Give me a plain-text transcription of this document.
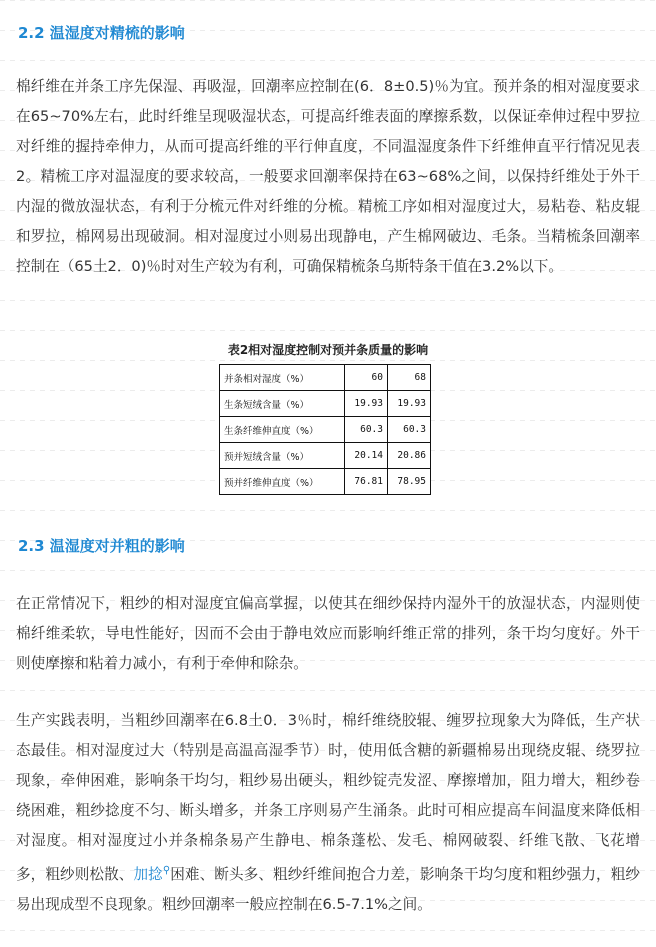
2.2 温湿度对精梳的影响
棉纤维在并条工序先保湿、再吸湿，回潮率应控制在(6．8±0.5)％为宜。预并条的相对湿度要求在65~70%左右，此时纤维呈现吸湿状态，可提高纤维表面的摩擦系数，以保证牵伸过程中罗拉对纤维的握持牵伸力，从而可提高纤维的平行伸直度，不同温湿度条件下纤维伸直平行情况见表2。精梳工序对温湿度的要求较高，一般要求回潮率保持在63~68%之间，以保持纤维处于外干内湿的微放湿状态，有利于分梳元件对纤维的分梳。精梳工序如相对湿度过大，易粘卷、粘皮辊和罗拉，棉网易出现破洞。相对湿度过小则易出现静电，产生棉网破边、毛条。当精梳条回潮率控制在（65土2．0)％时对生产较为有利，可确保精梳条乌斯特条干值在3.2%以下。
表2相对湿度控制对预并条质量的影响
并条相对湿度（%）	60	68
生条短绒含量（%）	19.93	19.93
生条纤维伸直度（%）	60.3	60.3
预并短绒含量（%）	20.14	20.86
预并纤维伸直度（%）	76.81	78.95
2.3 温湿度对并粗的影响
在正常情况下，粗纱的相对湿度宜偏高掌握，以使其在细纱保持内湿外干的放湿状态，内湿则使棉纤维柔软，导电性能好，因而不会由于静电效应而影响纤维正常的排列，条干均匀度好。外干则使摩擦和粘着力减小，有利于牵伸和除杂。
生产实践表明，当粗纱回潮率在6.8土0．3％时，棉纤维绕胶辊、缠罗拉现象大为降低，生产状态最佳。相对湿度过大（特别是高温高湿季节）时，使用低含糖的新疆棉易出现绕皮辊、绕罗拉现象，牵伸困难，影响条干均匀，粗纱易出硬头，粗纱锭壳发涩、摩擦增加，阻力增大，粗纱卷绕困难，粗纱捻度不匀、断头增多，并条工序则易产生涌条。此时可相应提高车间温度来降低相对湿度。相对湿度过小并条棉条易产生静电、棉条蓬松、发毛、棉网破裂、纤维飞散、飞花增多，粗纱则松散、加捻⚲困难、断头多、粗纱纤维间抱合力差，影响条干均匀度和粗纱强力，粗纱易出现成型不良现象。粗纱回潮率一般应控制在6.5-7.1%之间。
